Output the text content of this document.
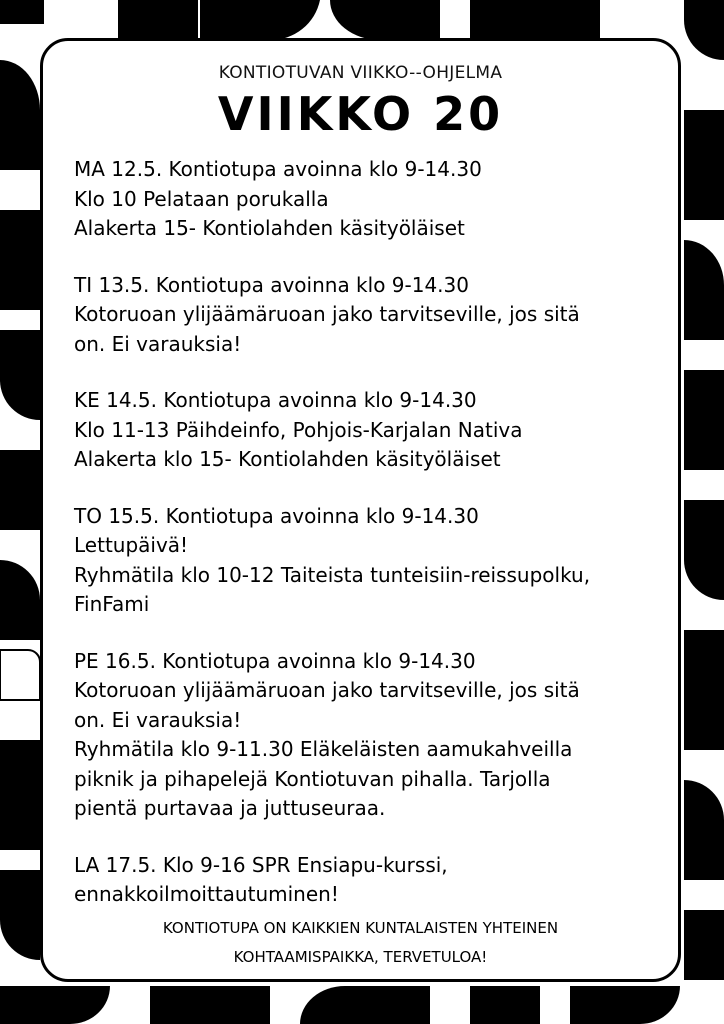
KONTIOTUVAN VIIKKO--OHJELMA
VIIKKO 20
MA 12.5. Kontiotupa avoinna klo 9-14.30
Klo 10 Pelataan porukalla
Alakerta 15- Kontiolahden käsityöläiset
TI 13.5. Kontiotupa avoinna klo 9-14.30
Kotoruoan ylijäämäruoan jako tarvitseville, jos sitä
on. Ei varauksia!
KE 14.5. Kontiotupa avoinna klo 9-14.30
Klo 11-13 Päihdeinfo, Pohjois-Karjalan Nativa
Alakerta klo 15- Kontiolahden käsityöläiset
TO 15.5. Kontiotupa avoinna klo 9-14.30
Lettupäivä!
Ryhmätila klo 10-12 Taiteista tunteisiin-reissupolku,
FinFami
PE 16.5. Kontiotupa avoinna klo 9-14.30
Kotoruoan ylijäämäruoan jako tarvitseville, jos sitä
on. Ei varauksia!
Ryhmätila klo 9-11.30 Eläkeläisten aamukahveilla
piknik ja pihapelejä Kontiotuvan pihalla. Tarjolla
pientä purtavaa ja juttuseuraa.
LA 17.5. Klo 9-16 SPR Ensiapu-kurssi,
ennakkoilmoittautuminen!
KONTIOTUPA ON KAIKKIEN KUNTALAISTEN YHTEINEN
KOHTAAMISPAIKKA, TERVETULOA!
